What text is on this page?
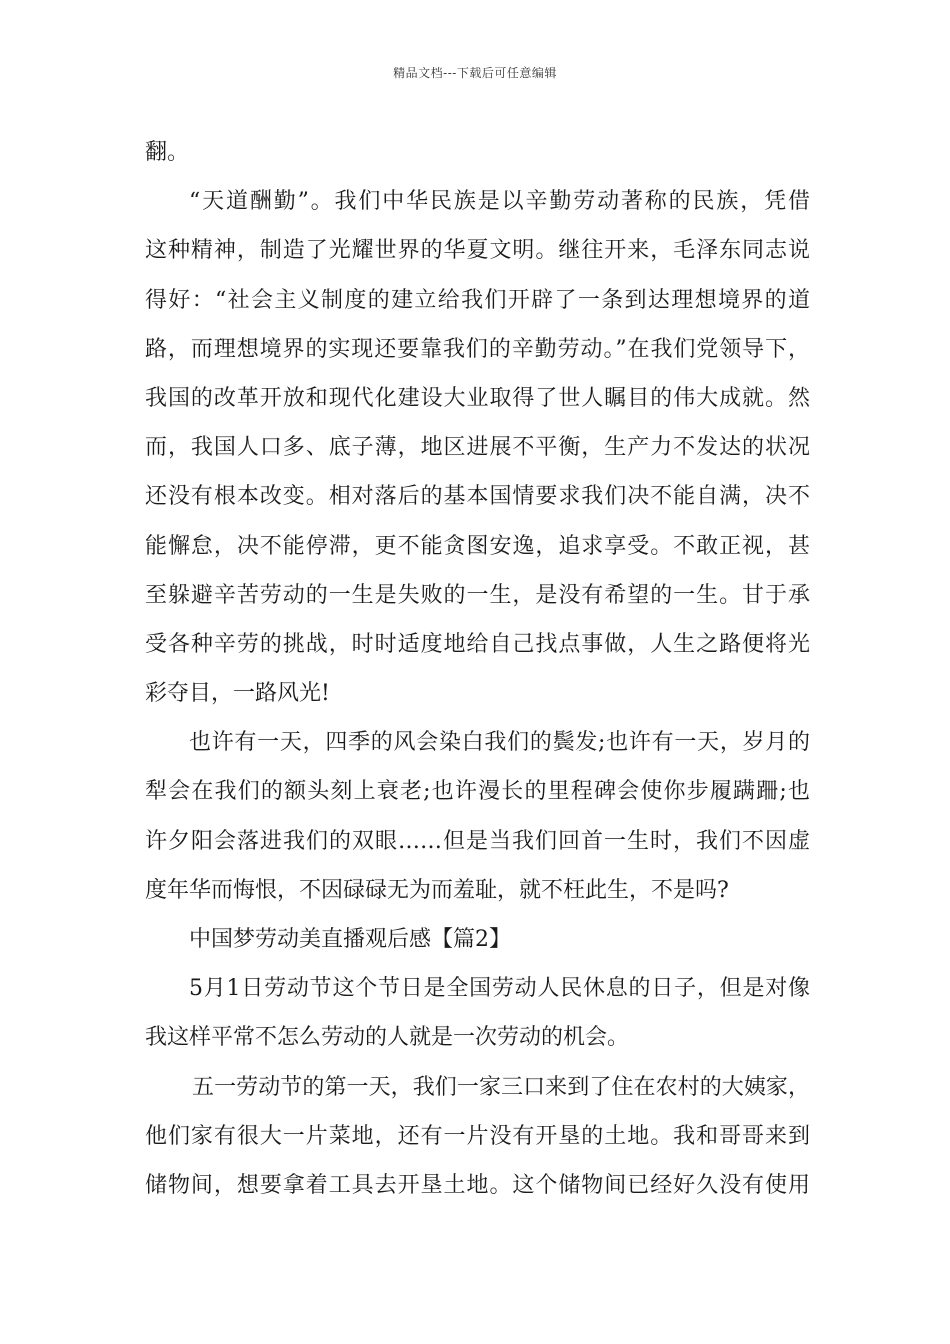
精品文档---下载后可任意编辑
翻。
“天道酬勤”。我们中华民族是以辛勤劳动著称的民族，凭借
这种精神，制造了光耀世界的华夏文明。继往开来，毛泽东同志说
得好：“社会主义制度的建立给我们开辟了一条到达理想境界的道
路，而理想境界的实现还要靠我们的辛勤劳动。”在我们党领导下，
我国的改革开放和现代化建设大业取得了世人瞩目的伟大成就。然
而，我国人口多、底子薄，地区进展不平衡，生产力不发达的状况
还没有根本改变。相对落后的基本国情要求我们决不能自满，决不
能懈怠，决不能停滞，更不能贪图安逸，追求享受。不敢正视，甚
至躲避辛苦劳动的一生是失败的一生，是没有希望的一生。甘于承
受各种辛劳的挑战，时时适度地给自己找点事做，人生之路便将光
彩夺目，一路风光!
也许有一天，四季的风会染白我们的鬓发;也许有一天，岁月的
犁会在我们的额头刻上衰老;也许漫长的里程碑会使你步履蹒跚;也
许夕阳会落进我们的双眼……但是当我们回首一生时，我们不因虚
度年华而悔恨，不因碌碌无为而羞耻，就不枉此生，不是吗?
中国梦劳动美直播观后感【篇2】
5月1日劳动节这个节日是全国劳动人民休息的日子，但是对像
我这样平常不怎么劳动的人就是一次劳动的机会。
五一劳动节的第一天，我们一家三口来到了住在农村的大姨家，
他们家有很大一片菜地，还有一片没有开垦的土地。我和哥哥来到
储物间，想要拿着工具去开垦土地。这个储物间已经好久没有使用
